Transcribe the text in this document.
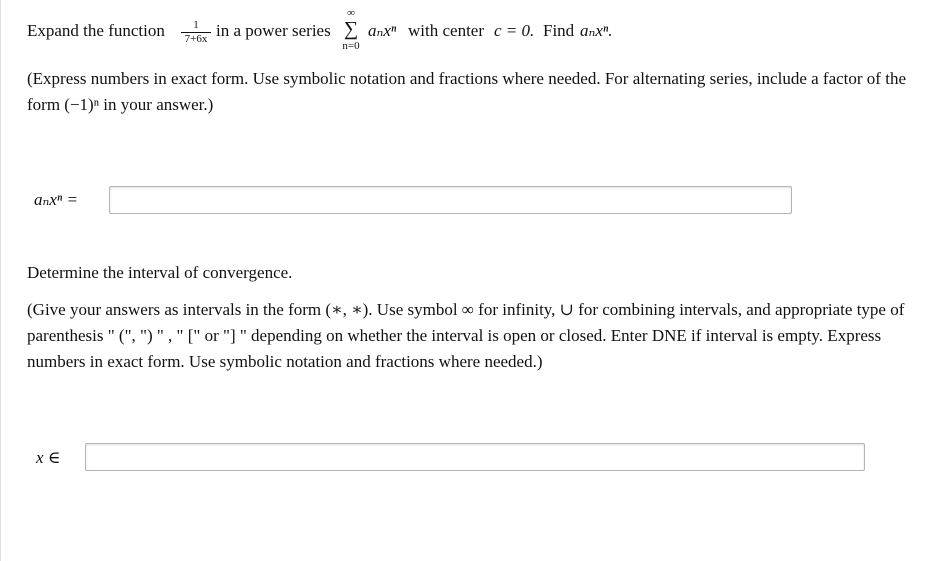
Expand the function	1
7+6x in a power series
∞
∑
n=0
aₙxⁿ with center c = 0. Find aₙxⁿ.
(Express numbers in exact form. Use symbolic notation and fractions where needed. For alternating series, include a factor of the form (−1)ⁿ in your answer.)
aₙxⁿ =
Determine the interval of convergence.
(Give your answers as intervals in the form (∗, ∗). Use symbol ∞ for infinity, ∪ for combining intervals, and appropriate type of parenthesis " (", ") " , " [" or "] " depending on whether the interval is open or closed. Enter DNE if interval is empty. Express numbers in exact form. Use symbolic notation and fractions where needed.)
x ∈
